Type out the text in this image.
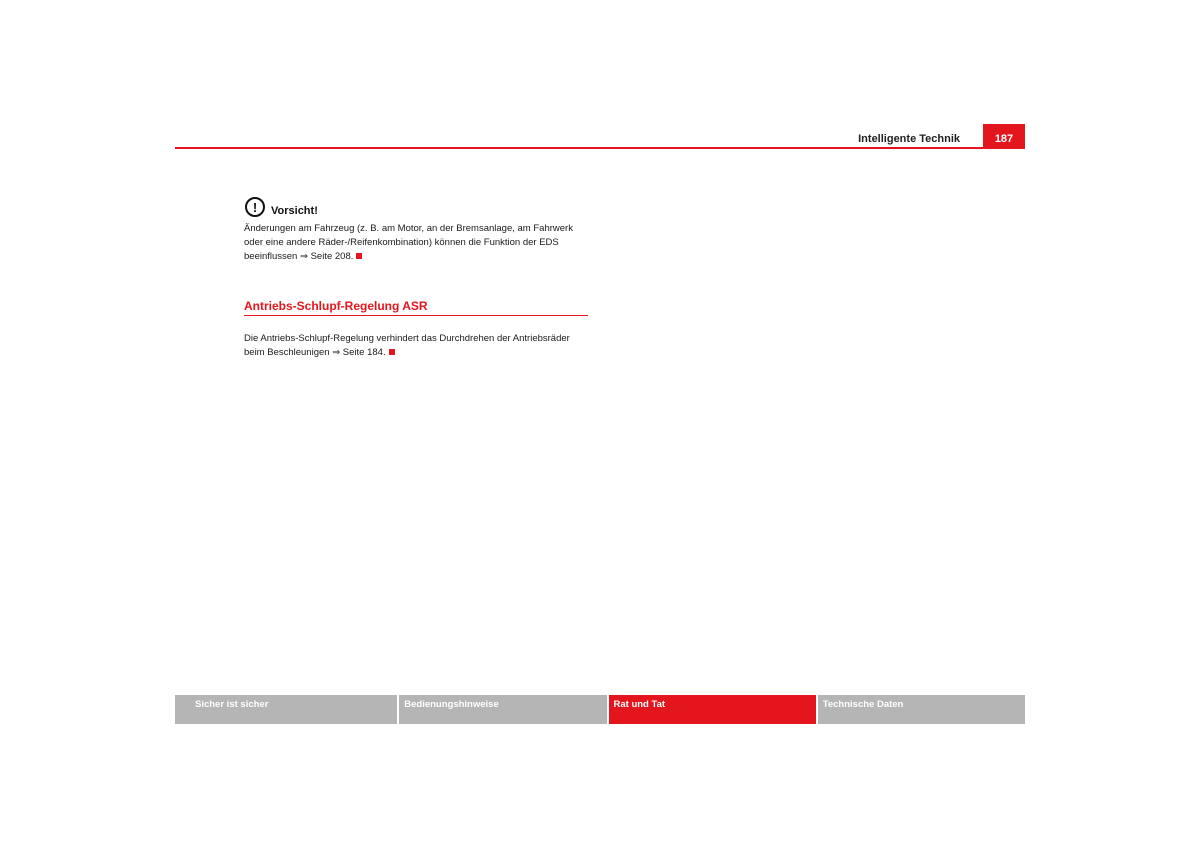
Intelligente Technik	187
!	Vorsicht!
Änderungen am Fahrzeug (z. B. am Motor, an der Bremsanlage, am Fahrwerk
oder eine andere Räder-/Reifenkombination) können die Funktion der EDS
beeinflussen ⇒ Seite 208.
Antriebs-Schlupf-Regelung ASR
Die Antriebs-Schlupf-Regelung verhindert das Durchdrehen der Antriebsräder
beim Beschleunigen ⇒ Seite 184.
Sicher ist sicher	Bedienungshinweise	Rat und Tat	Technische Daten
